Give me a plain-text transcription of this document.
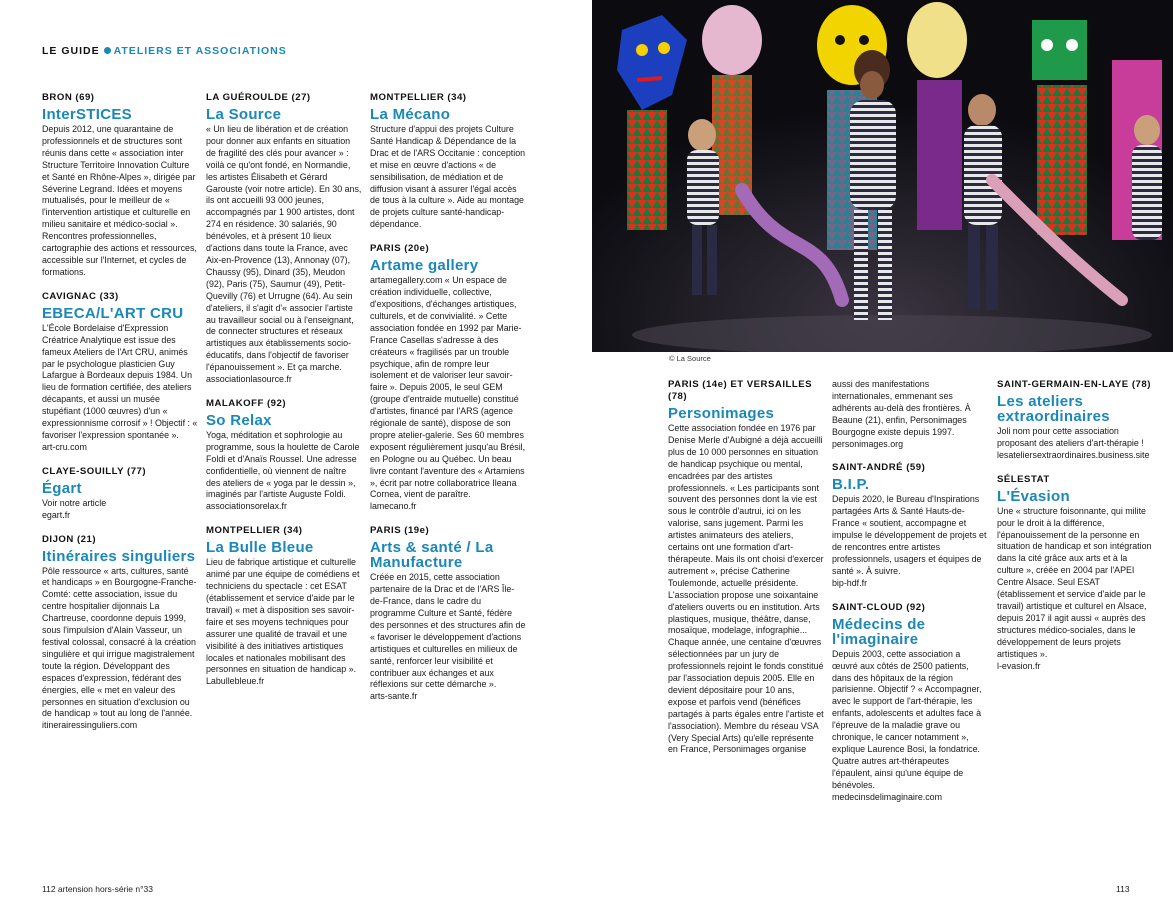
LE GUIDE ATELIERS ET ASSOCIATIONS
© La Source
BRON (69)
InterSTICES
Depuis 2012, une quarantaine de professionnels et de structures sont réunis dans cette « association inter Structure Territoire Innovation Culture et Santé en Rhône-Alpes », dirigée par Séverine Legrand. Idées et moyens mutualisés, pour le meilleur de « l'intervention artistique et culturelle en milieu sanitaire et médico-social ». Rencontres professionnelles, cartographie des actions et ressources, accessible sur l'Internet, et cycles de formations.
CAVIGNAC (33)
EBECA/L'ART CRU
L'École Bordelaise d'Expression Créatrice Analytique est issue des fameux Ateliers de l'Art CRU, animés par le psychologue plasticien Guy Lafargue à Bordeaux depuis 1984. Un lieu de formation certifiée, des ateliers décapants, et aussi un musée stupéfiant (1000 œuvres) d'un « expressionnisme corrosif » ! Objectif : « favoriser l'expression spontanée ».
art-cru.com
CLAYE-SOUILLY (77)
Égart
Voir notre article
egart.fr
DIJON (21)
Itinéraires singuliers
Pôle ressource « arts, cultures, santé et handicaps » en Bourgogne-Franche-Comté: cette association, issue du centre hospitalier dijonnais La Chartreuse, coordonne depuis 1999, sous l'impulsion d'Alain Vasseur, un festival colossal, consacré à la création singulière et qui irrigue magistralement toute la région. Développant des espaces d'expression, fédérant des énergies, elle « met en valeur des personnes en situation d'exclusion ou de handicap » tout au long de l'année.
itinerairessinguliers.com
LA GUÉROULDE (27)
La Source
« Un lieu de libération et de création pour donner aux enfants en situation de fragilité des clés pour avancer » : voilà ce qu'ont fondé, en Normandie, les artistes Élisabeth et Gérard Garouste (voir notre article). En 30 ans, ils ont accueilli 93 000 jeunes, accompagnés par 1 900 artistes, dont 274 en résidence. 30 salariés, 90 bénévoles, et à présent 10 lieux d'actions dans toute la France, avec Aix-en-Provence (13), Annonay (07), Chaussy (95), Dinard (35), Meudon (92), Paris (75), Saumur (49), Petit-Quevilly (76) et Urrugne (64). Au sein d'ateliers, il s'agit d'« associer l'artiste au travailleur social ou à l'enseignant, de connecter structures et réseaux artistiques aux établissements socio-éducatifs, dans l'objectif de favoriser l'épanouissement ». Et ça marche.
associationlasource.fr
MALAKOFF (92)
So Relax
Yoga, méditation et sophrologie au programme, sous la houlette de Carole Foldi et d'Anaïs Roussel. Une adresse confidentielle, où viennent de naître des ateliers de « yoga par le dessin », imaginés par l'artiste Auguste Foldi.
associationsorelax.fr
MONTPELLIER (34)
La Bulle Bleue
Lieu de fabrique artistique et culturelle animé par une équipe de comédiens et techniciens du spectacle : cet ESAT (établissement et service d'aide par le travail) « met à disposition ses savoir-faire et ses moyens techniques pour assurer une qualité de travail et une visibilité à des initiatives artistiques locales et nationales mobilisant des personnes en situation de handicap ».
Labullebleue.fr
MONTPELLIER (34)
La Mécano
Structure d'appui des projets Culture Santé Handicap & Dépendance de la Drac et de l'ARS Occitanie : conception et mise en œuvre d'actions « de sensibilisation, de médiation et de diffusion visant à assurer l'égal accès de tous à la culture ». Aide au montage de projets culture santé-handicap-dépendance.
PARIS (20e)
Artame gallery
artamegallery.com « Un espace de création individuelle, collective, d'expositions, d'échanges artistiques, culturels, et de convivialité. » Cette association fondée en 1992 par Marie-France Casellas s'adresse à des créateurs « fragilisés par un trouble psychique, afin de rompre leur isolement et de valoriser leur savoir-faire ». Depuis 2005, le seul GEM (groupe d'entraide mutuelle) constitué d'artistes, financé par l'ARS (agence régionale de santé), dispose de son propre atelier-galerie. Ses 60 membres exposent régulièrement jusqu'au Brésil, en Pologne ou au Québec. Un beau livre contant l'aventure des « Artamiens », écrit par notre collaboratrice Ileana Cornea, vient de paraître.
lamecano.fr
PARIS (19e)
Arts & santé / La Manufacture
Créée en 2015, cette association partenaire de la Drac et de l'ARS Île-de-France, dans le cadre du programme Culture et Santé, fédère des personnes et des structures afin de « favoriser le développement d'actions artistiques et culturelles en milieux de santé, renforcer leur visibilité et contribuer aux échanges et aux réflexions sur cette démarche ».
arts-sante.fr
PARIS (14e) ET VERSAILLES (78)
Personimages
Cette association fondée en 1976 par Denise Merle d'Aubigné a déjà accueilli plus de 10 000 personnes en situation de handicap psychique ou mental, encadrées par des artistes professionnels. « Les participants sont souvent des personnes dont la vie est sous le contrôle d'autrui, ici on les valorise, sans jugement. Parmi les artistes animateurs des ateliers, certains ont une formation d'art-thérapeute. Mais ils ont choisi d'exercer autrement », précise Catherine Toulemonde, actuelle présidente. L'association propose une soixantaine d'ateliers ouverts ou en institution. Arts plastiques, musique, théâtre, danse, mosaïque, modelage, infographie... Chaque année, une centaine d'œuvres sélectionnées par un jury de professionnels rejoint le fonds constitué par l'association depuis 2005. Elle en devient dépositaire pour 10 ans, expose et parfois vend (bénéfices partagés à parts égales entre l'artiste et l'association). Membre du réseau VSA (Very Special Arts) qu'elle représente en France, Personimages organise
aussi des manifestations internationales, emmenant ses adhérents au-delà des frontières. À Beaune (21), enfin, Personimages Bourgogne existe depuis 1997.
personimages.org
SAINT-ANDRÉ (59)
B.I.P.
Depuis 2020, le Bureau d'Inspirations partagées Arts & Santé Hauts-de-France « soutient, accompagne et impulse le développement de projets et de rencontres entre artistes professionnels, usagers et équipes de santé ». À suivre.
bip-hdf.fr
SAINT-CLOUD (92)
Médecins de l'imaginaire
Depuis 2003, cette association a œuvré aux côtés de 2500 patients, dans des hôpitaux de la région parisienne. Objectif ? « Accompagner, avec le support de l'art-thérapie, les enfants, adolescents et adultes face à l'épreuve de la maladie grave ou chronique, le cancer notamment », explique Laurence Bosi, la fondatrice. Quatre autres art-thérapeutes l'épaulent, ainsi qu'une équipe de bénévoles.
medecinsdelimaginaire.com
SAINT-GERMAIN-EN-LAYE (78)
Les ateliers extraordinaires
Joli nom pour cette association proposant des ateliers d'art-thérapie !
lesateliersextraordinaires.business.site
SÉLESTAT
L'Évasion
Une « structure foisonnante, qui milite pour le droit à la différence, l'épanouissement de la personne en situation de handicap et son intégration dans la cité grâce aux arts et à la culture », créée en 2004 par l'APEI Centre Alsace. Seul ESAT (établissement et service d'aide par le travail) artistique et culturel en Alsace, depuis 2017 il agit aussi « auprès des structures médico-sociales, dans le développement de leurs projets artistiques ».
l-evasion.fr
112 artension hors-série n°33	113
